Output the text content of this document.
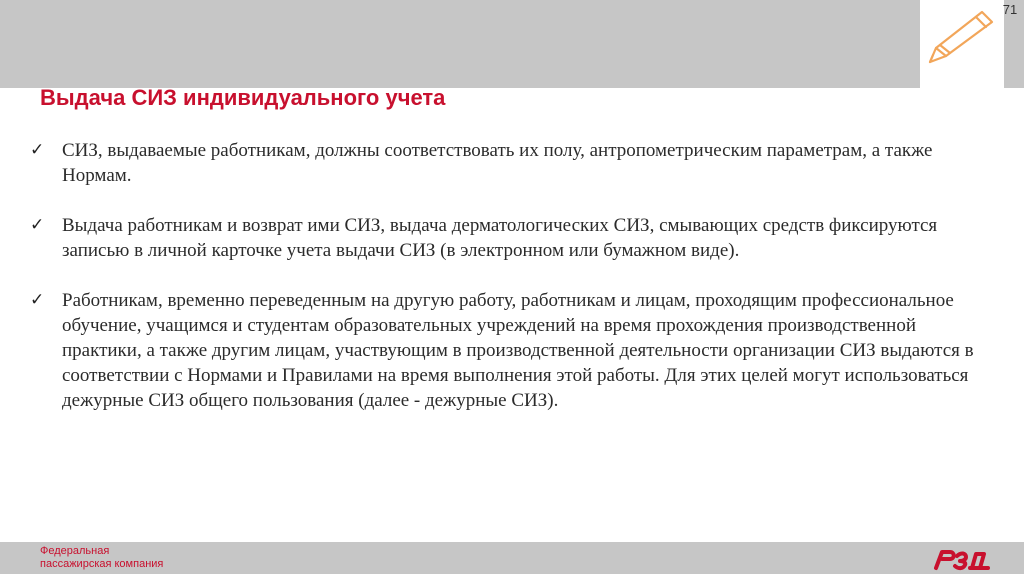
71
Выдача СИЗ индивидуального учета
✓ СИЗ, выдаваемые работникам, должны соответствовать их полу, антропометрическим параметрам, а также Нормам.
✓ Выдача работникам и возврат ими СИЗ, выдача дерматологических СИЗ, смывающих средств фиксируются записью в личной карточке учета выдачи СИЗ (в электронном или бумажном виде).
✓ Работникам, временно переведенным на другую работу, работникам и лицам, проходящим профессиональное обучение, учащимся и студентам образовательных учреждений на время прохождения производственной практики, а также другим лицам, участвующим в производственной деятельности организации СИЗ выдаются в соответствии с Нормами и Правилами на время выполнения этой работы. Для этих целей могут использоваться дежурные СИЗ общего пользования (далее - дежурные СИЗ).
Федеральная
пассажирская компания
